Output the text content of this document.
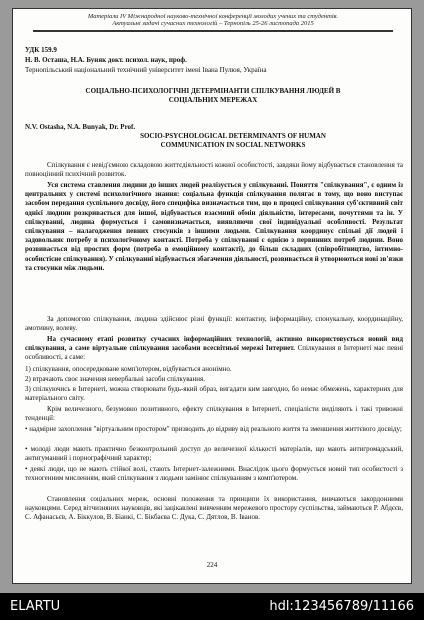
Матеріали IV Міжнародної науково-технічної конференції молодих учених та студентів.
Актуальні задачі сучасних технологій – Тернопіль 25-26 листопада 2015

УДК 159.9

Н. В. Осташа, Н.А. Буняк докт. психол. наук, проф.

Тернопільський національний технічний університет імені Івана Пулюя, Україна

СОЦІАЛЬНО-ПСИХОЛОГІЧНІ ДЕТЕРМІНАНТИ СПІЛКУВАННЯ ЛЮДЕЙ В СОЦІАЛЬНИХ МЕРЕЖАХ

N.V. Ostasha, N.A. Bunyak, Dr. Prof.

SOCIO-PSYCHOLOGICAL DETERMINANTS OF HUMAN COMMUNICATION IN SOCIAL NETWORKS

Спілкування є невід'ємною складовою життєдіяльності кожної особистості, завдяки йому відбувається становлення та повноцінний психічний розвиток.

Уся система ставлення людини до інших людей реалізується у спілкуванні. Поняття "спілкування", є одним із центральних у системі психологічного знання: соціальна функція спілкування полягає в тому, що воно виступає засобом передання суспільного досвіду, його специфіка визначається тим, що в процесі спілкування суб'єктивний світ однієї людини розкривається для іншої, відбувається взаємний обмін діяльністю, інтересами, почуттями та ін. У спілкуванні, людина формується і самовизначається, виявляючи свої індивідуальні особливості. Результат спілкування – налагодження певних стосунків з іншими людьми. Спілкування координує спільні дії людей і задовольняє потребу в психологічному контакті. Потреба у спілкуванні є однією з первинних потреб людини. Воно розвивається від простих форм (потреба в емоційному контакті), до більш складних (співробітництво, інтимно-особистісне спілкування). У спілкуванні відбувається збагачення діяльності, розвивається й утворюються нові зв'язки та стосунки між людьми.

За допомогою спілкування, людина здійснює різні функції: контактну, інформаційну, спонукальну, координаційну, амотивну, волеву.

На сучасному етапі розвитку сучасних інформаційних технологій, активно використовується новий вид спілкування, а саме віртуальне спілкування засобами всесвітньої мережі Інтернет. Спілкування в Інтернеті має певні особливості, а саме:

1) спілкування, опосередковане комп'ютером, відбувається анонімно.

2) втрачають своє значення невербальні засоби спілкування.

3) спілкуючись в Інтернеті, можна створювати будь-який образ, вигадати ким завгодно, бо немає обмежень, характерних для матеріального світу.

Крім величезного, безумовно позитивного, ефекту спілкування в Інтернеті, спеціалісти виділяють і такі тривожні тенденції:

• надмірне захоплення "віртуальним простором" призводить до відриву від реального життя та зменшення життєвого досвіду;

• молоді люди мають практично безконтрольний доступ до величезної кількості матеріалів, що мають антигромадський, антигуманний і порнографічний характер;

• деякі люди, що не мають стійкої волі, стають Інтернет-залежними. Внаслідок цього формується новий тип особистості з техногенним мисленням, який спілкування з людьми замінює спілкуванням з комп'ютером.

Становлення соціальних мереж, основні положення та принципи їх використання, вивчаються закордонними науковцями. Серед вітчизняних науковців, які зацікавлені вивченням мережевого простору суспільства, займаються Р. Абдєєв, С. Афанасьєв, А. Біккулов, В. Біанкі, С. Бікбаєва С. Дука, С. Дятлов, В. Іванов.

224
ELARTU	hdl:123456789/11166
